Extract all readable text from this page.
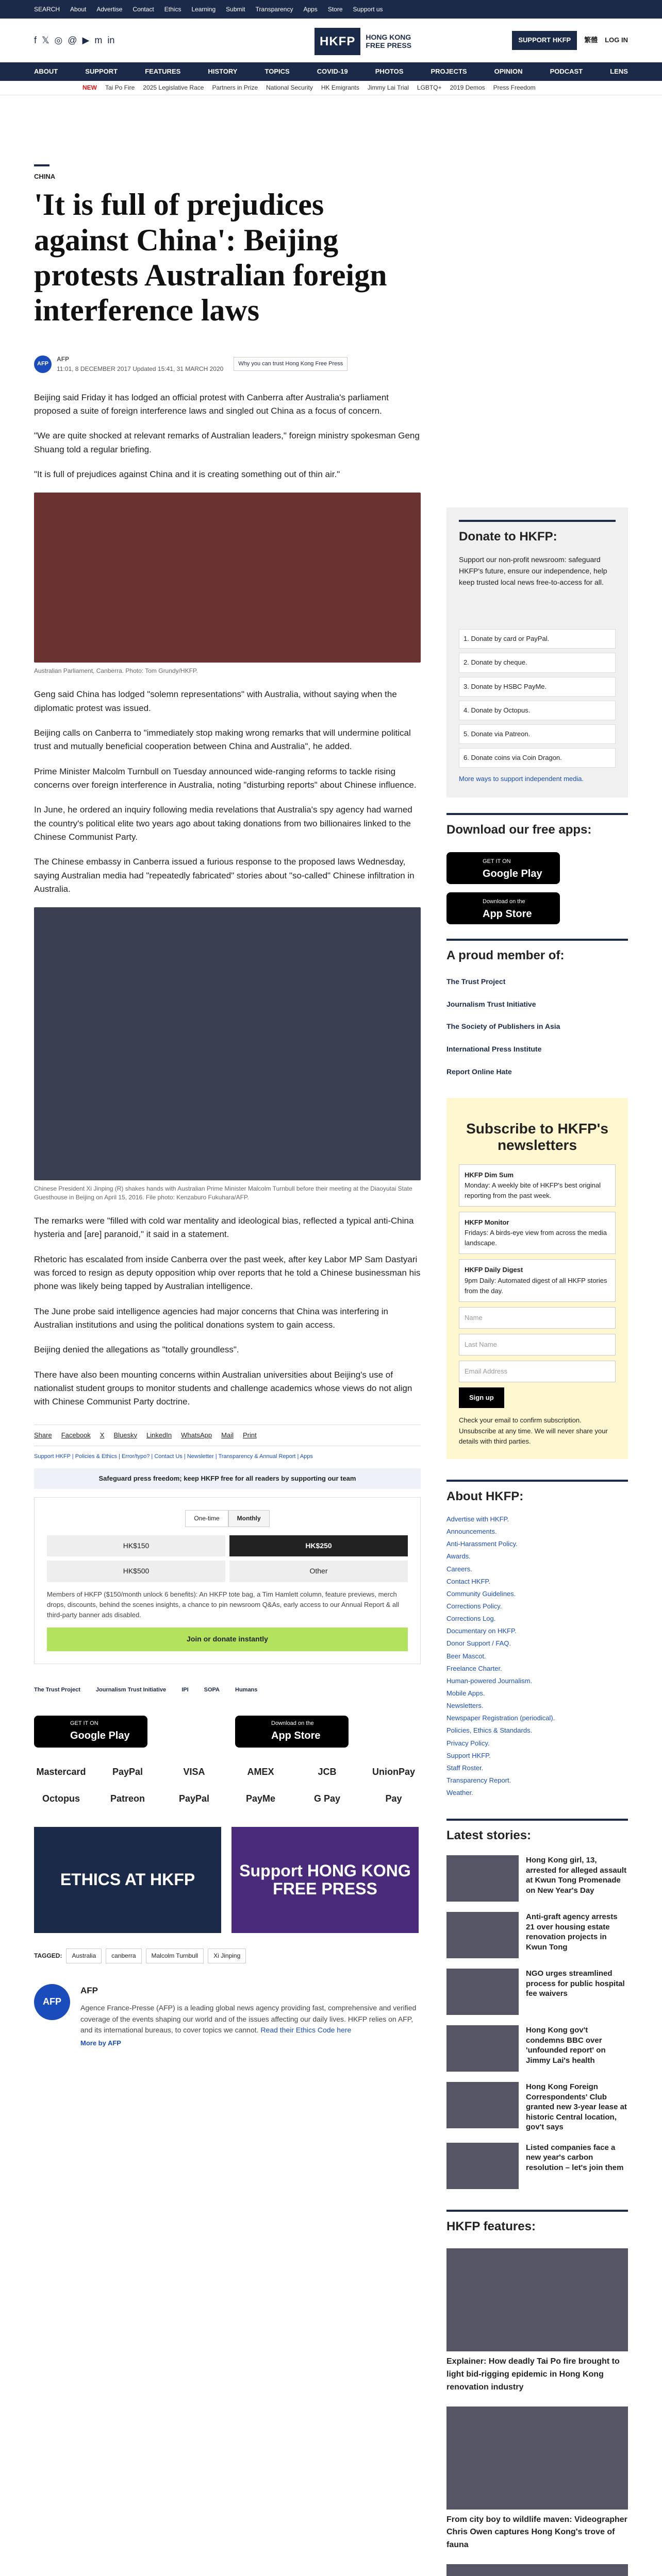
SEARCH About Advertise Contact Ethics Learning Submit Transparency Apps Store Support us
f 𝕏 ◎ @ ▶ m in	HKFP	HONG KONG
FREE PRESS
SUPPORT HKFP	繁體 LOG IN
ABOUT	SUPPORT	FEATURES	HISTORY	TOPICS	COVID-19	PHOTOS	PROJECTS	OPINION	PODCAST	LENS
NEW Tai Po Fire 2025 Legislative Race Partners in Prize National Security HK Emigrants Jimmy Lai Trial LGBTQ+ 2019 Demos Press Freedom
CHINA
'It is full of prejudices against China': Beijing protests Australian foreign interference laws
AFP
AFP
11:01, 8 DECEMBER 2017 Updated 15:41, 31 MARCH 2020
Why you can trust Hong Kong Free Press

Beijing said Friday it has lodged an official protest with Canberra after Australia's parliament proposed a suite of foreign interference laws and singled out China as a focus of concern.

"We are quite shocked at relevant remarks of Australian leaders," foreign ministry spokesman Geng Shuang told a regular briefing.

"It is full of prejudices against China and it is creating something out of thin air."

Australian Parliament, Canberra. Photo: Tom Grundy/HKFP.

Geng said China has lodged "solemn representations" with Australia, without saying when the diplomatic protest was issued.

Beijing calls on Canberra to "immediately stop making wrong remarks that will undermine political trust and mutually beneficial cooperation between China and Australia", he added.

Prime Minister Malcolm Turnbull on Tuesday announced wide-ranging reforms to tackle rising concerns over foreign interference in Australia, noting "disturbing reports" about Chinese influence.

In June, he ordered an inquiry following media revelations that Australia's spy agency had warned the country's political elite two years ago about taking donations from two billionaires linked to the Chinese Communist Party.

The Chinese embassy in Canberra issued a furious response to the proposed laws Wednesday, saying Australian media had "repeatedly fabricated" stories about "so-called" Chinese infiltration in Australia.

Chinese President Xi Jinping (R) shakes hands with Australian Prime Minister Malcolm Turnbull before their meeting at the Diaoyutai State Guesthouse in Beijing on April 15, 2016. File photo: Kenzaburo Fukuhara/AFP.

The remarks were "filled with cold war mentality and ideological bias, reflected a typical anti-China hysteria and [are] paranoid," it said in a statement.

Rhetoric has escalated from inside Canberra over the past week, after key Labor MP Sam Dastyari was forced to resign as deputy opposition whip over reports that he told a Chinese businessman his phone was likely being tapped by Australian intelligence.

The June probe said intelligence agencies had major concerns that China was interfering in Australian institutions and using the political donations system to gain access.

Beijing denied the allegations as "totally groundless".

There have also been mounting concerns within Australian universities about Beijing's use of nationalist student groups to monitor students and challenge academics whose views do not align with Chinese Communist Party doctrine.

Share Facebook X Bluesky LinkedIn WhatsApp Mail Print
Support HKFP | Policies & Ethics | Error/typo? | Contact Us | Newsletter | Transparency & Annual Report | Apps
Safeguard press freedom; keep HKFP free for all readers by supporting our team
One-time	Monthly
HK$150	HK$250
HK$500	Other
Members of HKFP ($150/month unlock 6 benefits): An HKFP tote bag, a Tim Hamlett column, feature previews, merch drops, discounts, behind the scenes insights, a chance to pin newsroom Q&As, early access to our Annual Report & all third-party banner ads disabled.
Join or donate instantly
The Trust Project	Journalism Trust Initiative	IPI	SOPA	Humans
GET IT ON
Google Play
Download on the
App Store
Mastercard	PayPal	VISA	AMEX	JCB	UnionPay
Octopus	Patreon	PayPal	PayMe	G Pay	Pay
ETHICS AT HKFP	Support HONG KONG FREE PRESS
TAGGED:	Australia	canberra	Malcolm Turnbull	Xi Jinping
AFP
AFP

Agence France-Presse (AFP) is a leading global news agency providing fast, comprehensive and verified coverage of the events shaping our world and of the issues affecting our daily lives. HKFP relies on AFP, and its international bureaus, to cover topics we cannot. Read their Ethics Code here

More by AFP
Donate to HKFP:

Support our non-profit newsroom: safeguard HKFP's future, ensure our independence, help keep trusted local news free-to-access for all.

1. Donate by card or PayPal.
2. Donate by cheque.
3. Donate by HSBC PayMe.
4. Donate by Octopus.
5. Donate via Patreon.
6. Donate coins via Coin Dragon.
More ways to support independent media.
Download our free apps:
GET IT ON
Google Play
Download on the
App Store
A proud member of:
The Trust Project
Journalism Trust Initiative
The Society of Publishers in Asia
International Press Institute
Report Online Hate
Subscribe to HKFP's newsletters
HKFP Dim Sum
Monday: A weekly bite of HKFP's best original reporting from the past week.
HKFP Monitor
Fridays: A birds-eye view from across the media landscape.
HKFP Daily Digest
9pm Daily: Automated digest of all HKFP stories from the day.
Name
Last Name
Email Address
Sign up

Check your email to confirm subscription. Unsubscribe at any time. We will never share your details with third parties.

About HKFP:
Advertise with HKFP.
Announcements.
Anti-Harassment Policy.
Awards.
Careers.
Contact HKFP.
Community Guidelines.
Corrections Policy.
Corrections Log.
Documentary on HKFP.
Donor Support / FAQ.
Beer Mascot.
Freelance Charter.
Human-powered Journalism.
Mobile Apps.
Newsletters.
Newspaper Registration (periodical).
Policies, Ethics & Standards.
Privacy Policy.
Support HKFP.
Staff Roster.
Transparency Report.
Weather.
Latest stories:

Hong Kong girl, 13, arrested for alleged assault at Kwun Tong Promenade on New Year's Day

Anti-graft agency arrests 21 over housing estate renovation projects in Kwun Tong

NGO urges streamlined process for public hospital fee waivers

Hong Kong gov't condemns BBC over 'unfounded report' on Jimmy Lai's health

Hong Kong Foreign Correspondents' Club granted new 3-year lease at historic Central location, gov't says

Listed companies face a new year's carbon resolution – let's join them

HKFP features:

Explainer: How deadly Tai Po fire brought to light bid-rigging epidemic in Hong Kong renovation industry

From city boy to wildlife maven: Videographer Chris Owen captures Hong Kong's trove of fauna
